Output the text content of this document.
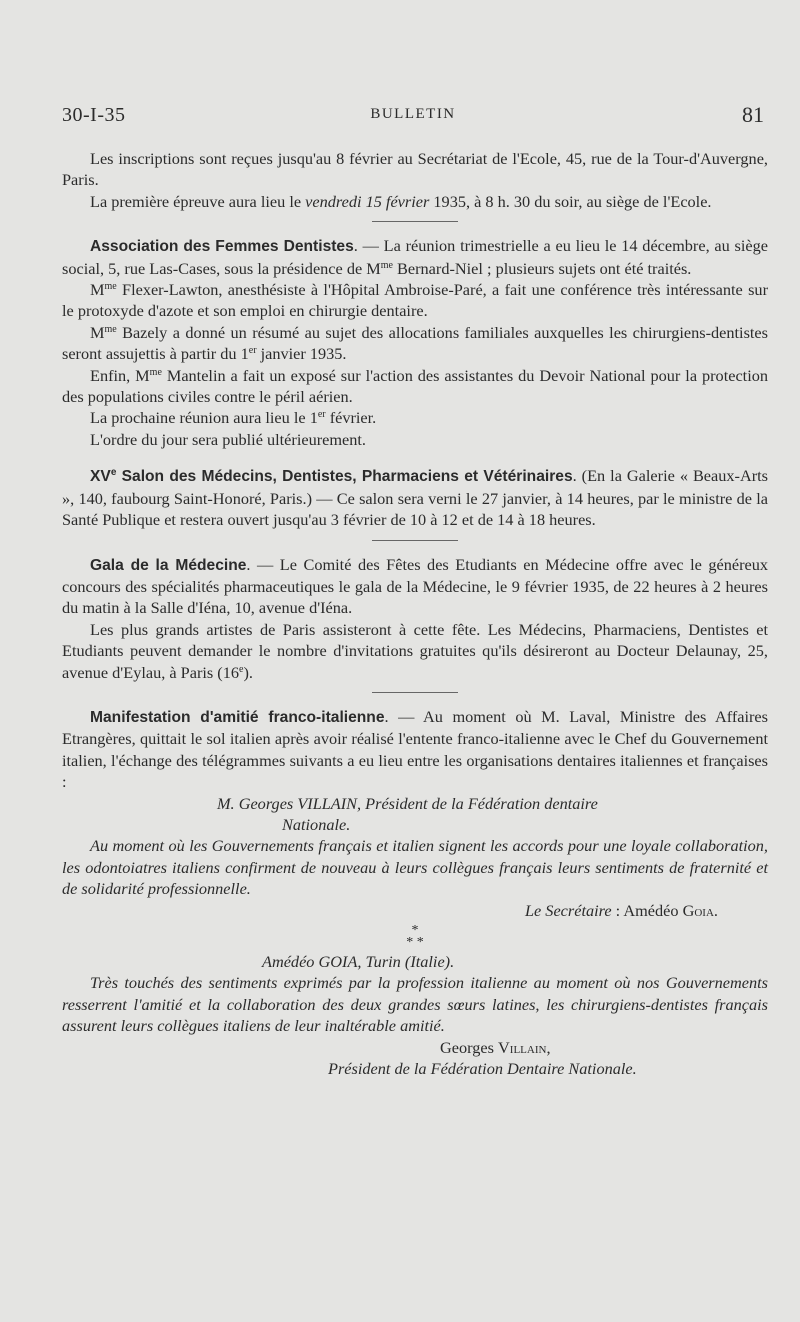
30-I-35	BULLETIN	81

Les inscriptions sont reçues jusqu'au 8 février au Secrétariat de l'Ecole, 45, rue de la Tour-d'Auvergne, Paris.

La première épreuve aura lieu le vendredi 15 février 1935, à 8 h. 30 du soir, au siège de l'Ecole.

Association des Femmes Dentistes. — La réunion trimestrielle a eu lieu le 14 décembre, au siège social, 5, rue Las-Cases, sous la présidence de $M^{me}$ Bernard-Niel ; plusieurs sujets ont été traités.

$M^{me}$ Flexer-Lawton, anesthésiste à l'Hôpital Ambroise-Paré, a fait une conférence très intéressante sur le protoxyde d'azote et son emploi en chirurgie dentaire.

$M^{me}$ Bazely a donné un résumé au sujet des allocations familiales auxquelles les chirurgiens-dentistes seront assujettis à partir du 1er janvier 1935.

Enfin, $M^{me}$ Mantelin a fait un exposé sur l'action des assistantes du Devoir National pour la protection des populations civiles contre le péril aérien.

La prochaine réunion aura lieu le 1er février.

L'ordre du jour sera publié ultérieurement.

XVe Salon des Médecins, Dentistes, Pharmaciens et Vétérinaires. (En la Galerie « Beaux-Arts », 140, faubourg Saint-Honoré, Paris.) — Ce salon sera verni le 27 janvier, à 14 heures, par le ministre de la Santé Publique et restera ouvert jusqu'au 3 février de 10 à 12 et de 14 à 18 heures.

Gala de la Médecine. — Le Comité des Fêtes des Etudiants en Médecine offre avec le généreux concours des spécialités pharmaceutiques le gala de la Médecine, le 9 février 1935, de 22 heures à 2 heures du matin à la Salle d'Iéna, 10, avenue d'Iéna.

Les plus grands artistes de Paris assisteront à cette fête. Les Médecins, Pharmaciens, Dentistes et Etudiants peuvent demander le nombre d'invitations gratuites qu'ils désireront au Docteur Delaunay, 25, avenue d'Eylau, à Paris (16e).

Manifestation d'amitié franco-italienne. — Au moment où M. Laval, Ministre des Affaires Etrangères, quittait le sol italien après avoir réalisé l'entente franco-italienne avec le Chef du Gouvernement italien, l'échange des télégrammes suivants a eu lieu entre les organisations dentaires italiennes et françaises :

M. Georges VILLAIN, Président de la Fédération dentaire

Nationale.

Au moment où les Gouvernements français et italien signent les accords pour une loyale collaboration, les odontoiatres italiens confirment de nouveau à leurs collègues français leurs sentiments de fraternité et de solidarité professionnelle.

Le Secrétaire : Amédéo Goia.

*
* *

Amédéo GOIA, Turin (Italie).

Très touchés des sentiments exprimés par la profession italienne au moment où nos Gouvernements resserrent l'amitié et la collaboration des deux grandes sœurs latines, les chirurgiens-dentistes français assurent leurs collègues italiens de leur inaltérable amitié.

Georges Villain,

Président de la Fédération Dentaire Nationale.
